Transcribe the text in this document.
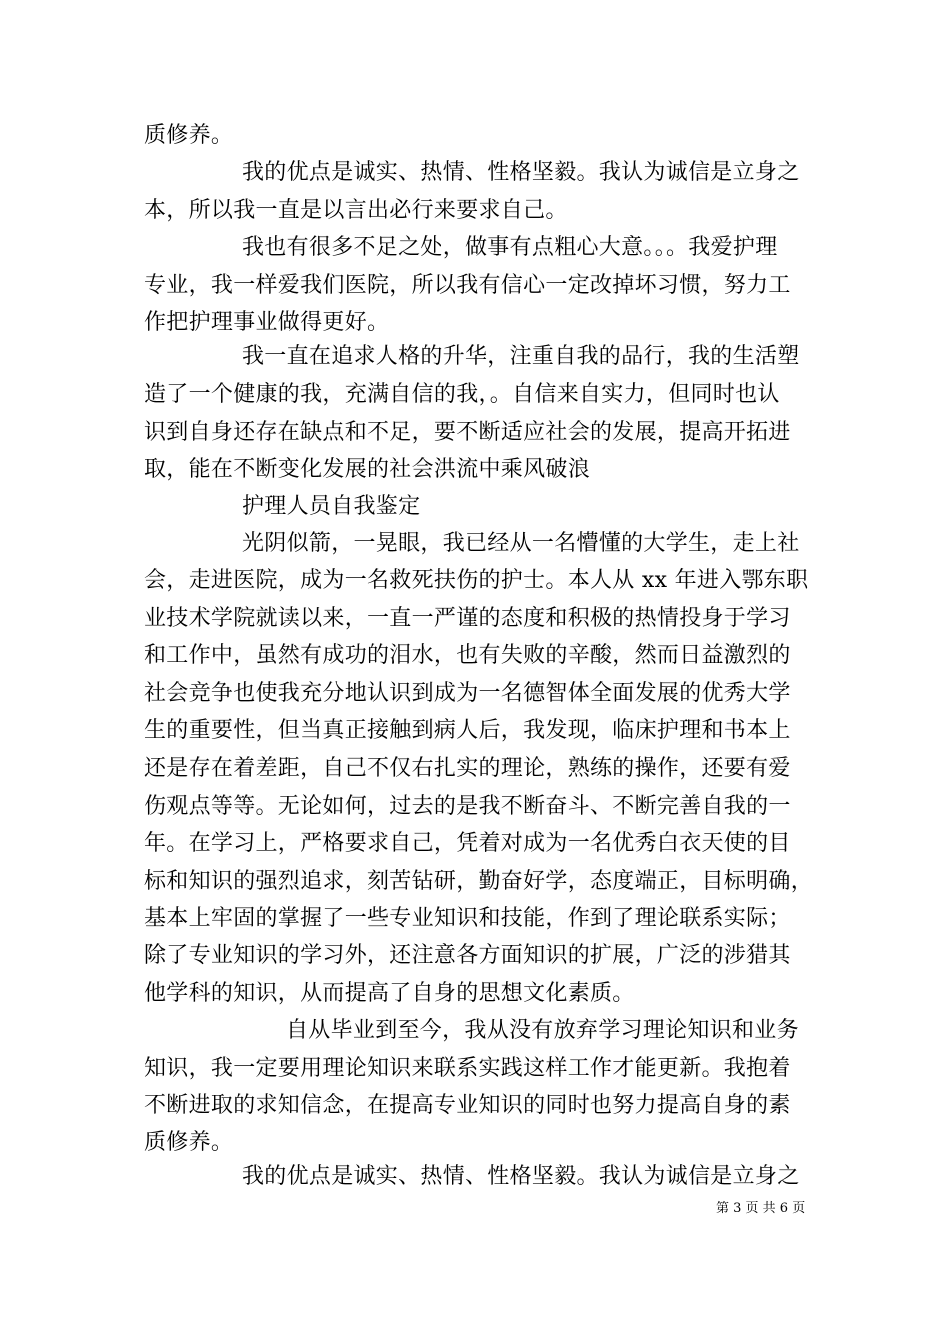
质修养。
我的优点是诚实、热情、性格坚毅。我认为诚信是立身之
本，所以我一直是以言出必行来要求自己。
我也有很多不足之处，做事有点粗心大意。。。我爱护理
专业，我一样爱我们医院，所以我有信心一定改掉坏习惯，努力工
作把护理事业做得更好。
我一直在追求人格的升华，注重自我的品行，我的生活塑
造了一个健康的我，充满自信的我，。自信来自实力，但同时也认
识到自身还存在缺点和不足，要不断适应社会的发展，提高开拓进
取，能在不断变化发展的社会洪流中乘风破浪
护理人员自我鉴定
光阴似箭，一晃眼，我已经从一名懵懂的大学生，走上社
会，走进医院，成为一名救死扶伤的护士。本人从 xx 年进入鄂东职
业技术学院就读以来，一直一严谨的态度和积极的热情投身于学习
和工作中，虽然有成功的泪水，也有失败的辛酸，然而日益激烈的
社会竞争也使我充分地认识到成为一名德智体全面发展的优秀大学
生的重要性，但当真正接触到病人后，我发现，临床护理和书本上
还是存在着差距，自己不仅右扎实的理论，熟练的操作，还要有爱
伤观点等等。无论如何，过去的是我不断奋斗、不断完善自我的一
年。在学习上，严格要求自己，凭着对成为一名优秀白衣天使的目
标和知识的强烈追求，刻苦钻研，勤奋好学，态度端正，目标明确，
基本上牢固的掌握了一些专业知识和技能，作到了理论联系实际；
除了专业知识的学习外，还注意各方面知识的扩展，广泛的涉猎其
他学科的知识，从而提高了自身的思想文化素质。
自从毕业到至今，我从没有放弃学习理论知识和业务
知识，我一定要用理论知识来联系实践这样工作才能更新。我抱着
不断进取的求知信念，在提高专业知识的同时也努力提高自身的素
质修养。
我的优点是诚实、热情、性格坚毅。我认为诚信是立身之
第 3 页 共 6 页
